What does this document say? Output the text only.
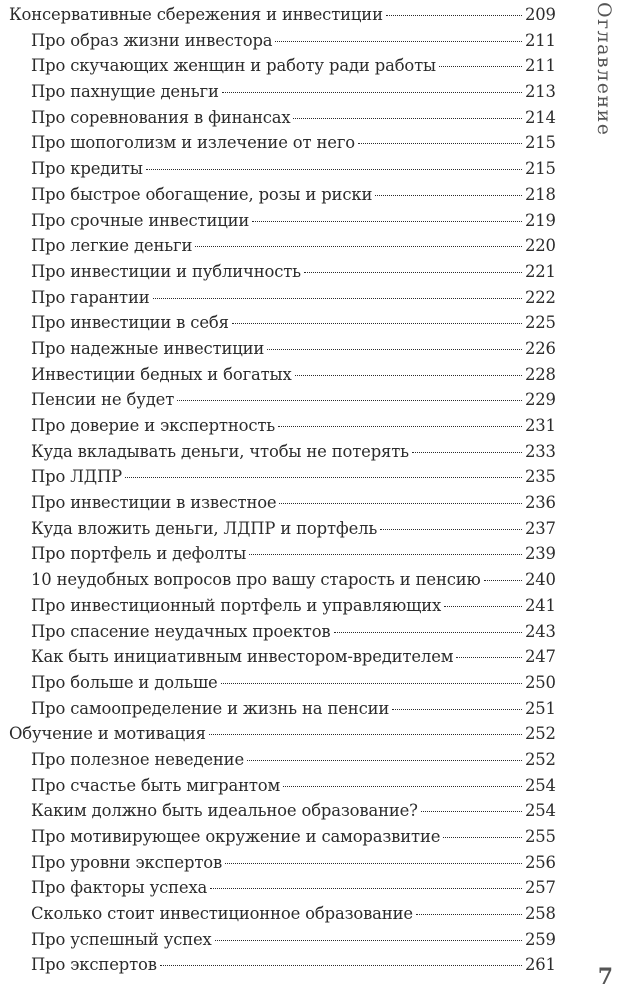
Консервативные сбережения и инвестиции	209
Про образ жизни инвестора	211
Про скучающих женщин и работу ради работы	211
Про пахнущие деньги	213
Про соревнования в финансах	214
Про шопоголизм и излечение от него	215
Про кредиты	215
Про быстрое обогащение, розы и риски	218
Про срочные инвестиции	219
Про легкие деньги	220
Про инвестиции и публичность	221
Про гарантии	222
Про инвестиции в себя	225
Про надежные инвестиции	226
Инвестиции бедных и богатых	228
Пенсии не будет	229
Про доверие и экспертность	231
Куда вкладывать деньги, чтобы не потерять	233
Про ЛДПР	235
Про инвестиции в известное	236
Куда вложить деньги, ЛДПР и портфель	237
Про портфель и дефолты	239
10 неудобных вопросов про вашу старость и пенсию	240
Про инвестиционный портфель и управляющих	241
Про спасение неудачных проектов	243
Как быть инициативным инвестором-вредителем	247
Про больше и дольше	250
Про самоопределение и жизнь на пенсии	251
Обучение и мотивация	252
Про полезное неведение	252
Про счастье быть мигрантом	254
Каким должно быть идеальное образование?	254
Про мотивирующее окружение и саморазвитие	255
Про уровни экспертов	256
Про факторы успеха	257
Сколько стоит инвестиционное образование	258
Про успешный успех	259
Про экспертов	261
Оглавление
7
